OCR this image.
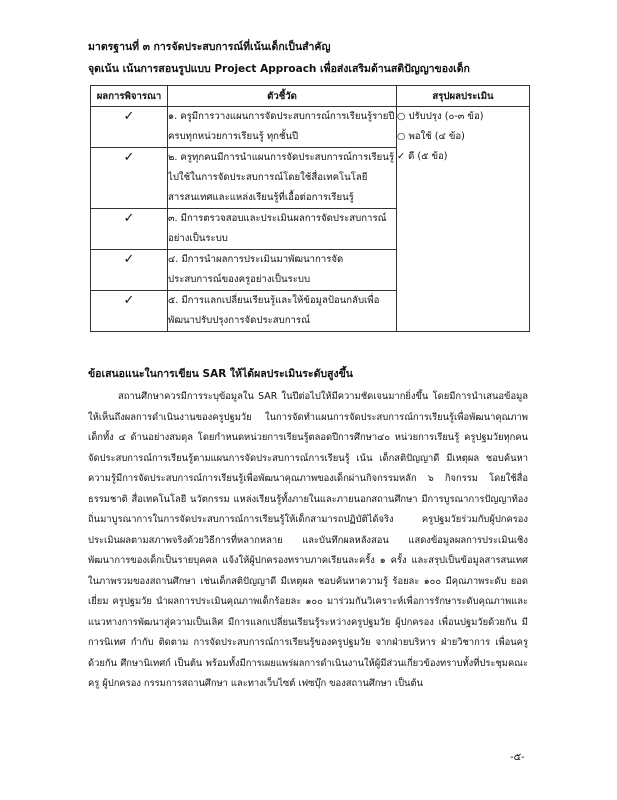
มาตรฐานที่ ๓ การจัดประสบการณ์ที่เน้นเด็กเป็นสำคัญ
จุดเน้น เน้นการสอนรูปแบบ Project Approach เพื่อส่งเสริมด้านสติปัญญาของเด็ก
ผลการพิจารณา	ตัวชี้วัด	สรุปผลประเมิน
✓	๑. ครูมีการวางแผนการจัดประสบการณ์การเรียนรู้รายปีครบทุกหน่วยการเรียนรู้ ทุกชั้นปี	○ ปรับปรุง (๐-๓ ข้อ)
○ พอใช้ (๔ ข้อ)
✓ ดี (๕ ข้อ)

✓	๒. ครูทุกคนมีการนำแผนการจัดประสบการณ์การเรียนรู้ไปใช้ในการจัดประสบการณ์โดยใช้สื่อเทคโนโลยีสารสนเทศและแหล่งเรียนรู้ที่เอื้อต่อการเรียนรู้	
✓	๓. มีการตรวจสอบและประเมินผลการจัดประสบการณ์อย่างเป็นระบบ	
✓	๔. มีการนำผลการประเมินมาพัฒนาการจัดประสบการณ์ของครูอย่างเป็นระบบ	
✓	๕. มีการแลกเปลี่ยนเรียนรู้และให้ข้อมูลป้อนกลับเพื่อพัฒนาปรับปรุงการจัดประสบการณ์	
ข้อเสนอแนะในการเขียน SAR ให้ได้ผลประเมินระดับสูงขึ้น

สถานศึกษาควรมีการระบุข้อมูลใน SAR ในปีต่อไปให้มีความชัดเจนมากยิ่งขึ้น โดยมีการนำเสนอข้อมูลให้เห็นถึงผลการดำเนินงานของครูปฐมวัย ในการจัดทำแผนการจัดประสบการณ์การเรียนรู้เพื่อพัฒนาคุณภาพเด็กทั้ง ๔ ด้านอย่างสมดุล โดยกำหนดหน่วยการเรียนรู้ตลอดปีการศึกษา๔๐ หน่วยการเรียนรู้ ครูปฐมวัยทุกคนจัดประสบการณ์การเรียนรู้ตามแผนการจัดประสบการณ์การเรียนรู้ เน้น เด็กสติปัญญาดี มีเหตุผล ชอบค้นหาความรู้มีการจัดประสบการณ์การเรียนรู้เพื่อพัฒนาคุณภาพของเด็กผ่านกิจกรรมหลัก ๖ กิจกรรม โดยใช้สื่อธรรมชาติ สื่อเทคโนโลยี นวัตกรรม แหล่งเรียนรู้ทั้งภายในและภายนอกสถานศึกษา มีการบูรณาการปัญญาท้องถิ่นมาบูรณาการในการจัดประสบการณ์การเรียนรู้ให้เด็กสามารถปฏิบัติได้จริง ครูปฐมวัยร่วมกับผู้ปกครองประเมินผลตามสภาพจริงด้วยวิธีการที่หลากหลาย และบันทึกผลหลังสอน แสดงข้อมูลผลการประเมินเชิงพัฒนาการของเด็กเป็นรายบุคคล แจ้งให้ผู้ปกครองทราบภาคเรียนละครั้ง ๑ ครั้ง และสรุปเป็นข้อมูลสารสนเทศในภาพรวมของสถานศึกษา เช่นเด็กสติปัญญาดี มีเหตุผล ชอบค้นหาความรู้ ร้อยละ ๑๐๐ มีคุณภาพระดับ ยอดเยี่ยม ครูปฐมวัย นำผลการประเมินคุณภาพเด็กร้อยละ ๑๐๐ มาร่วมกันวิเคราะห์เพื่อการรักษาระดับคุณภาพและแนวทางการพัฒนาสู่ความเป็นเลิศ มีการแลกเปลี่ยนเรียนรู้ระหว่างครูปฐมวัย ผู้ปกครอง เพื่อนปฐมวัยด้วยกัน มีการนิเทศ กำกับ ติดตาม การจัดประสบการณ์การเรียนรู้ของครูปฐมวัย จากฝ่ายบริหาร ฝ่ายวิชาการ เพื่อนครูด้วยกัน ศึกษานิเทศก์ เป็นต้น พร้อมทั้งมีการเผยแพร่ผลการดำเนินงานให้ผู้มีส่วนเกี่ยวข้องทราบทั้งที่ประชุมคณะครู ผู้ปกครอง กรรมการสถานศึกษา และทางเว็บไซต์ เฟซบุ๊ก ของสถานศึกษา เป็นต้น

-๕-
